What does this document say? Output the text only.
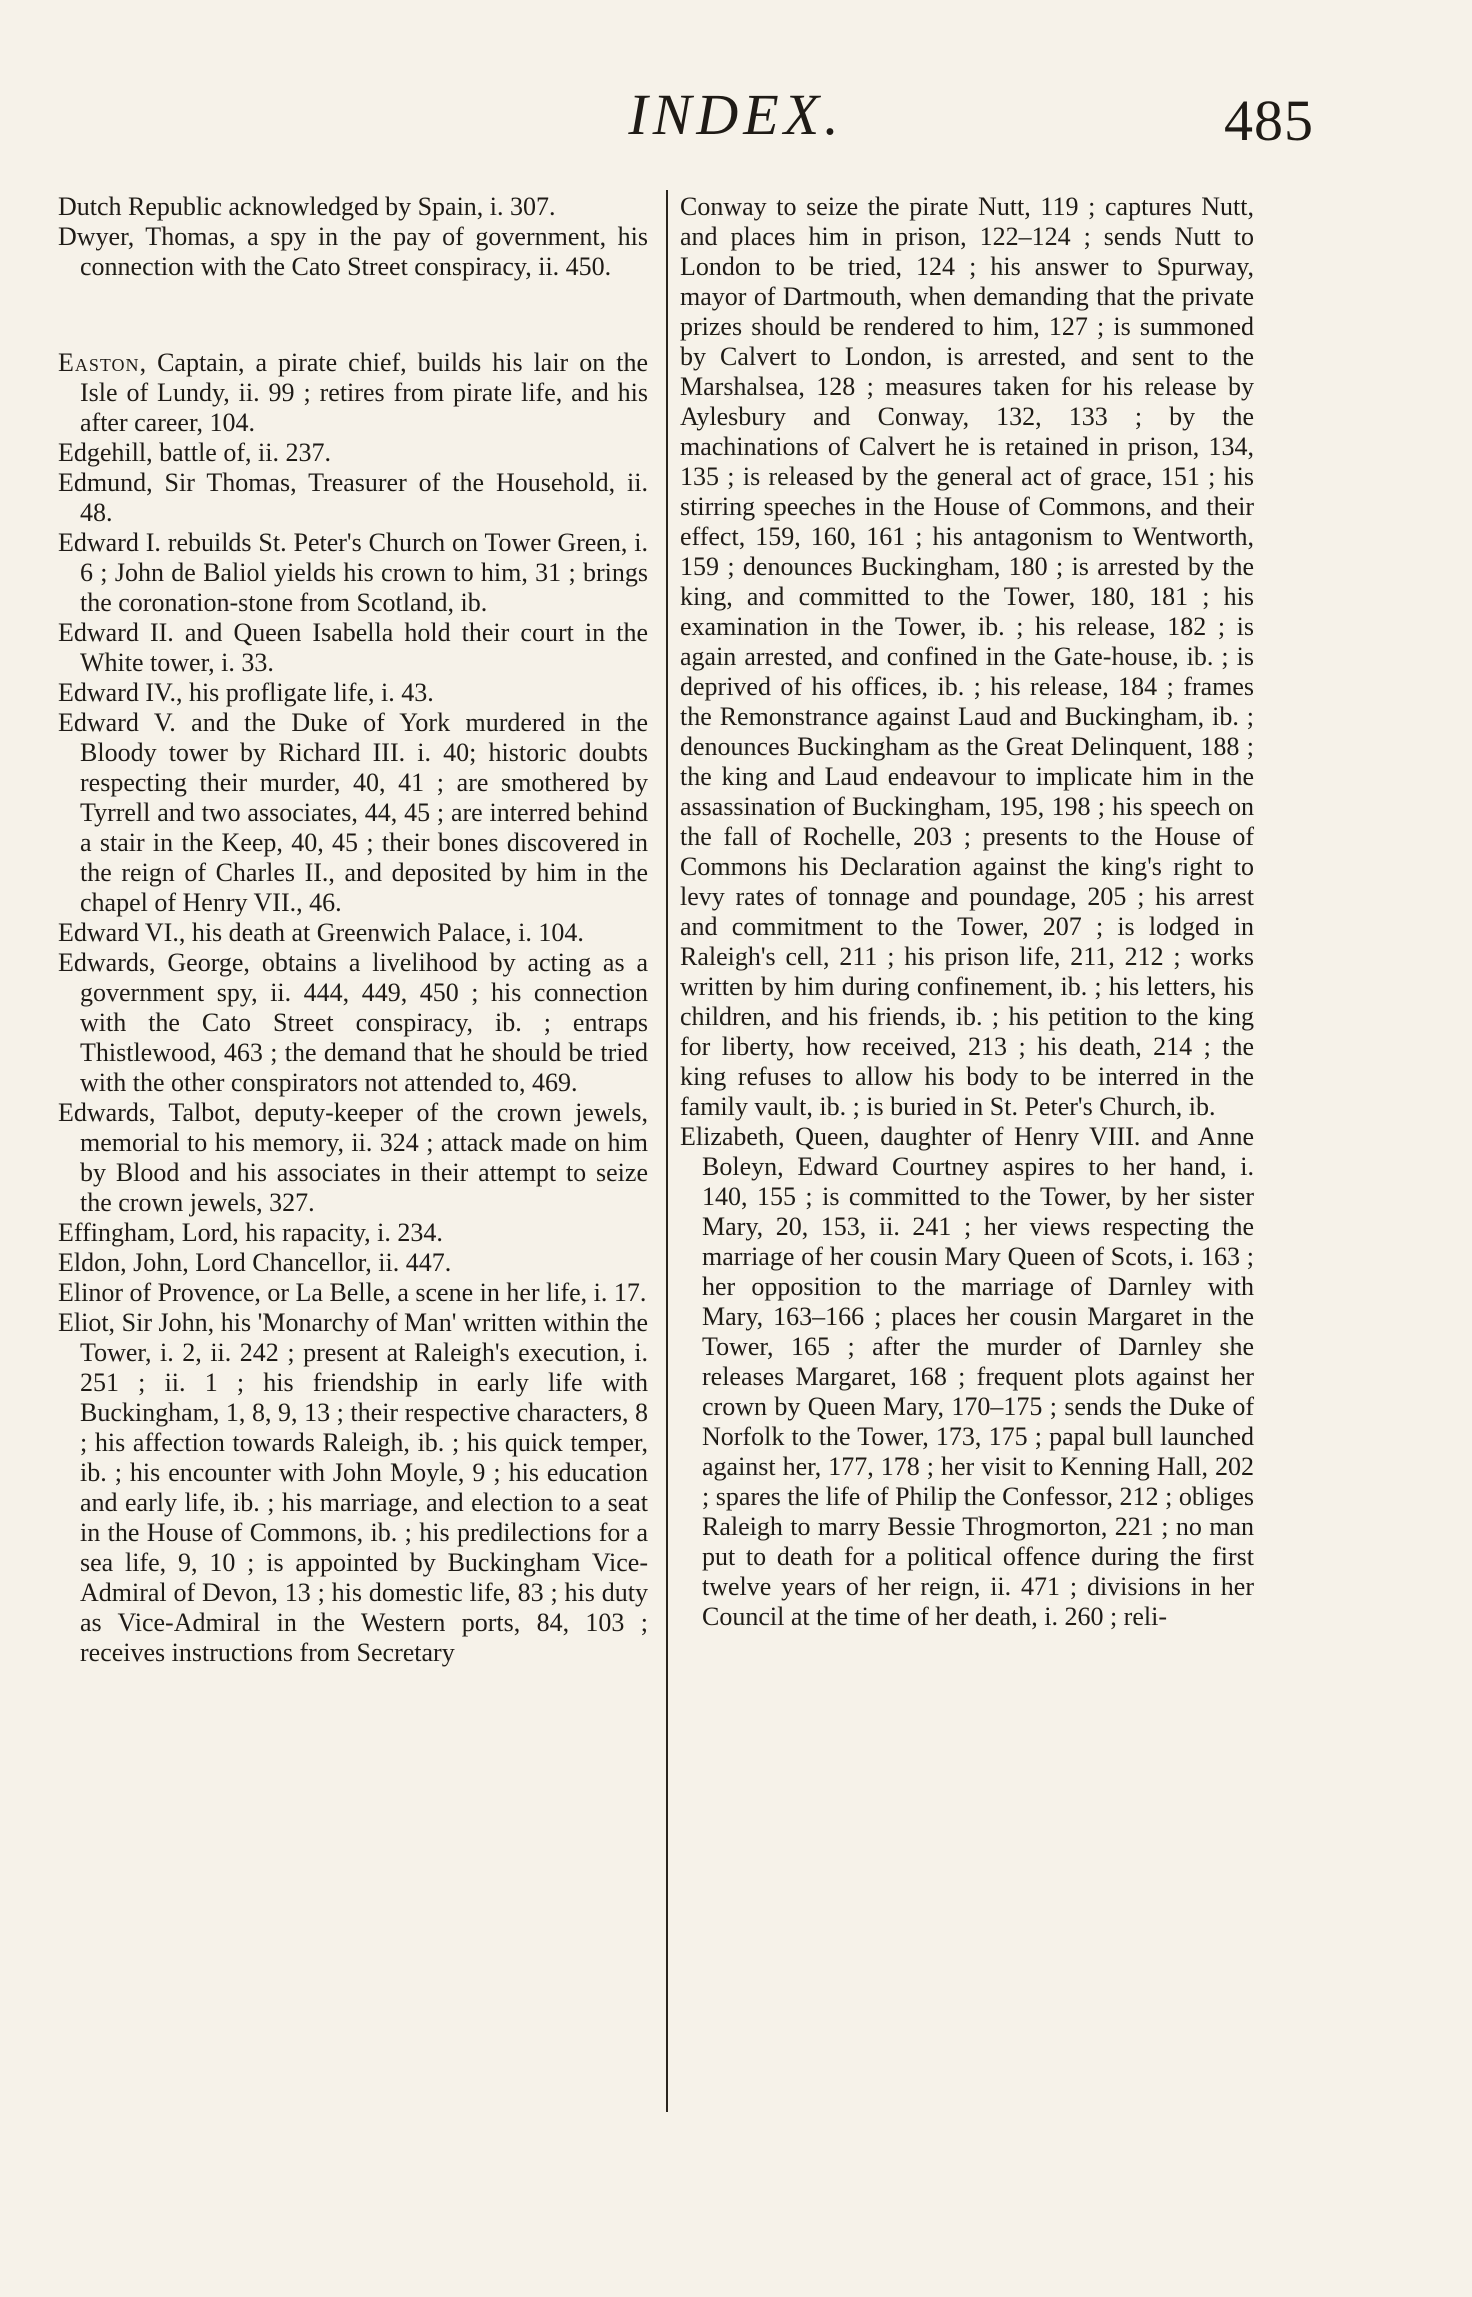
INDEX.	485

Dutch Republic acknowledged by Spain, i. 307.

Dwyer, Thomas, a spy in the pay of government, his connection with the Cato Street conspiracy, ii. 450.

Easton, Captain, a pirate chief, builds his lair on the Isle of Lundy, ii. 99 ; retires from pirate life, and his after career, 104.

Edgehill, battle of, ii. 237.

Edmund, Sir Thomas, Treasurer of the Household, ii. 48.

Edward I. rebuilds St. Peter's Church on Tower Green, i. 6 ; John de Baliol yields his crown to him, 31 ; brings the coronation-stone from Scotland, ib.

Edward II. and Queen Isabella hold their court in the White tower, i. 33.

Edward IV., his profligate life, i. 43.

Edward V. and the Duke of York murdered in the Bloody tower by Richard III. i. 40; historic doubts respecting their murder, 40, 41 ; are smothered by Tyrrell and two associates, 44, 45 ; are interred behind a stair in the Keep, 40, 45 ; their bones discovered in the reign of Charles II., and deposited by him in the chapel of Henry VII., 46.

Edward VI., his death at Greenwich Palace, i. 104.

Edwards, George, obtains a livelihood by acting as a government spy, ii. 444, 449, 450 ; his connection with the Cato Street conspiracy, ib. ; entraps Thistlewood, 463 ; the demand that he should be tried with the other conspirators not attended to, 469.

Edwards, Talbot, deputy-keeper of the crown jewels, memorial to his memory, ii. 324 ; attack made on him by Blood and his associates in their attempt to seize the crown jewels, 327.

Effingham, Lord, his rapacity, i. 234.

Eldon, John, Lord Chancellor, ii. 447.

Elinor of Provence, or La Belle, a scene in her life, i. 17.

Eliot, Sir John, his 'Monarchy of Man' written within the Tower, i. 2, ii. 242 ; present at Raleigh's execution, i. 251 ; ii. 1 ; his friendship in early life with Buckingham, 1, 8, 9, 13 ; their respective characters, 8 ; his affection towards Raleigh, ib. ; his quick temper, ib. ; his encounter with John Moyle, 9 ; his education and early life, ib. ; his marriage, and election to a seat in the House of Commons, ib. ; his predilections for a sea life, 9, 10 ; is appointed by Buckingham Vice-Admiral of Devon, 13 ; his domestic life, 83 ; his duty as Vice-Admiral in the Western ports, 84, 103 ; receives instructions from Secretary

Conway to seize the pirate Nutt, 119 ; captures Nutt, and places him in prison, 122–124 ; sends Nutt to London to be tried, 124 ; his answer to Spurway, mayor of Dartmouth, when demanding that the private prizes should be rendered to him, 127 ; is summoned by Calvert to London, is arrested, and sent to the Marshalsea, 128 ; measures taken for his release by Aylesbury and Conway, 132, 133 ; by the machinations of Calvert he is retained in prison, 134, 135 ; is released by the general act of grace, 151 ; his stirring speeches in the House of Commons, and their effect, 159, 160, 161 ; his antagonism to Wentworth, 159 ; denounces Buckingham, 180 ; is arrested by the king, and committed to the Tower, 180, 181 ; his examination in the Tower, ib. ; his release, 182 ; is again arrested, and confined in the Gate-house, ib. ; is deprived of his offices, ib. ; his release, 184 ; frames the Remonstrance against Laud and Buckingham, ib. ; denounces Buckingham as the Great Delinquent, 188 ; the king and Laud endeavour to implicate him in the assassination of Buckingham, 195, 198 ; his speech on the fall of Rochelle, 203 ; presents to the House of Commons his Declaration against the king's right to levy rates of tonnage and poundage, 205 ; his arrest and commitment to the Tower, 207 ; is lodged in Raleigh's cell, 211 ; his prison life, 211, 212 ; works written by him during confinement, ib. ; his letters, his children, and his friends, ib. ; his petition to the king for liberty, how received, 213 ; his death, 214 ; the king refuses to allow his body to be interred in the family vault, ib. ; is buried in St. Peter's Church, ib.

Elizabeth, Queen, daughter of Henry VIII. and Anne Boleyn, Edward Courtney aspires to her hand, i. 140, 155 ; is committed to the Tower, by her sister Mary, 20, 153, ii. 241 ; her views respecting the marriage of her cousin Mary Queen of Scots, i. 163 ; her opposition to the marriage of Darnley with Mary, 163–166 ; places her cousin Margaret in the Tower, 165 ; after the murder of Darnley she releases Margaret, 168 ; frequent plots against her crown by Queen Mary, 170–175 ; sends the Duke of Norfolk to the Tower, 173, 175 ; papal bull launched against her, 177, 178 ; her visit to Kenning Hall, 202 ; spares the life of Philip the Confessor, 212 ; obliges Raleigh to marry Bessie Throgmorton, 221 ; no man put to death for a political offence during the first twelve years of her reign, ii. 471 ; divisions in her Council at the time of her death, i. 260 ; reli-
